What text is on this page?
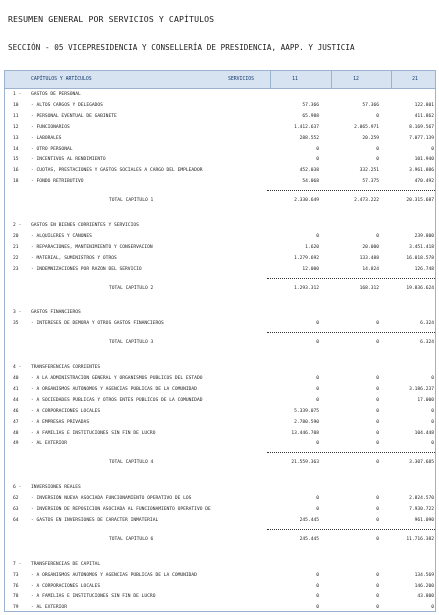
RESUMEN GENERAL POR SERVICIOS Y CAPÍTULOS
SECCIÓN - 05 VICEPRESIDENCIA Y CONSELLERÍA DE PRESIDENCIA, AAPP. Y JUSTICIA
CAPÍTULOS Y ARTÍCULOS	SERVICIOS	11	12	21
1 -	GASTOS DE PERSONAL
10	- ALTOS CARGOS Y DELEGADOS	57.366	57.366	122.801
11	- PERSONAL EVENTUAL DE GABINETE	65.988	0	411.862
12	- FUNCIONARIOS	1.412.637	2.065.971	8.169.567
13	- LABORALES	288.552	20.259	7.077.139
14	- OTRO PERSONAL	0	0	0
15	- INCENTIVOS AL RENDIMIENTO	0	0	101.940
16	- CUOTAS, PRESTACIONES Y GASTOS SOCIALES A CARGO DEL EMPLEADOR	452.038	332.251	3.961.886
18	- FONDO RETRIBUTIVO	54.068	57.375	470.492
TOTAL CAPÍTULO 1	2.330.649	2.473.222	20.315.687
2 -	GASTOS EN BIENES CORRIENTES Y SERVICIOS
20	- ALQUILERES Y CÁNONES	0	0	239.800
21	- REPARACIONES, MANTENIMIENTO Y CONSERVACIÓN	1.620	20.000	3.451.418
22	- MATERIAL, SUMINISTROS Y OTROS	1.279.692	133.488	16.018.578
23	- INDEMNIZACIONES POR RAZÓN DEL SERVICIO	12.000	14.824	126.748
TOTAL CAPÍTULO 2	1.293.312	168.312	19.836.624
3 -	GASTOS FINANCIEROS
35	- INTERESES DE DEMORA Y OTROS GASTOS FINANCIEROS	0	0	6.324
TOTAL CAPÍTULO 3	0	0	6.324
4 -	TRANSFERENCIAS CORRIENTES
40	- A LA ADMINISTRACIÓN GENERAL Y ORGANISMOS PÚBLICOS DEL ESTADO	0	0	0
41	- A ORGANISMOS AUTÓNOMOS Y AGENCIAS PÚBLICAS DE LA COMUNIDAD	0	0	3.186.237
44	- A SOCIEDADES PÚBLICAS Y OTROS ENTES PÚBLICOS DE LA COMUNIDAD	0	0	17.000
46	- A CORPORACIONES LOCALES	5.339.075	0	0
47	- A EMPRESAS PRIVADAS	2.780.590	0	0
48	- A FAMILIAS E INSTITUCIONES SIN FIN DE LUCRO	13.446.708	0	104.448
49	- AL EXTERIOR	0	0	0
TOTAL CAPÍTULO 4	21.559.363	0	3.307.685
6 -	INVERSIONES REALES
62	- INVERSIÓN NUEVA ASOCIADA FUNCIONAMIENTO OPERATIVO DE LOS	0	0	2.824.570
63	- INVERSIÓN DE REPOSICIÓN ASOCIADA AL FUNCIONAMIENTO OPERATIVO DE	0	0	7.930.722
64	- GASTOS EN INVERSIONES DE CARÁCTER INMATERIAL	245.445	0	961.090
TOTAL CAPÍTULO 6	245.445	0	11.716.382
7 -	TRANSFERENCIAS DE CAPITAL
73	- A ORGANISMOS AUTÓNOMOS Y AGENCIAS PÚBLICAS DE LA COMUNIDAD	0	0	134.569
76	- A CORPORACIONES LOCALES	0	0	146.200
78	- A FAMILIAS E INSTITUCIONES SIN FIN DE LUCRO	0	0	43.800
79	- AL EXTERIOR	0	0	0
